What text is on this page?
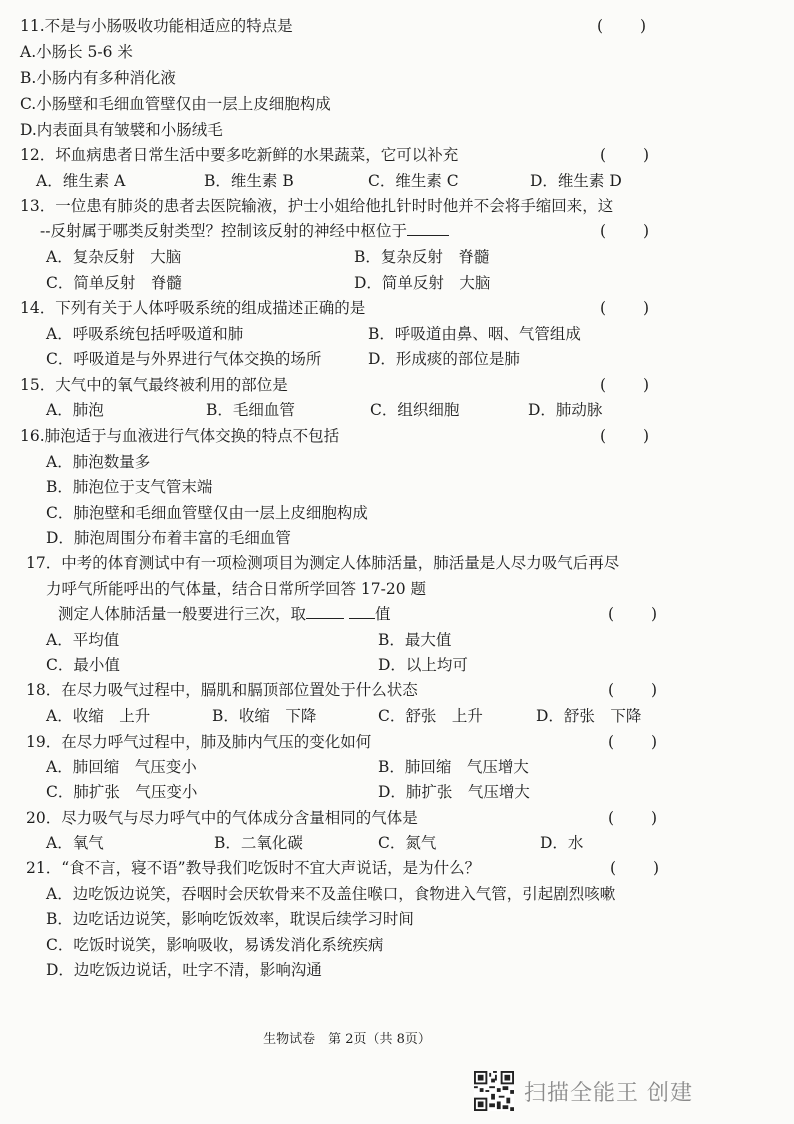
11.不是与小肠吸收功能相适应的特点是	(　　)
A.小肠长 5-6 米
B.小肠内有多种消化液
C.小肠壁和毛细血管壁仅由一层上皮细胞构成
D.内表面具有皱襞和小肠绒毛
12．坏血病患者日常生活中要多吃新鲜的水果蔬菜，它可以补充	(　　)
A．维生素 A	B．维生素 B	C．维生素 C	D．维生素 D
13．一位患有肺炎的患者去医院输液，护士小姐给他扎针时时他并不会将手缩回来，这
--反射属于哪类反射类型？控制该反射的神经中枢位于	(　　)
A．复杂反射　大脑	B．复杂反射　脊髓
C．简单反射　脊髓	D．简单反射　大脑
14．下列有关于人体呼吸系统的组成描述正确的是	(　　)
A．呼吸系统包括呼吸道和肺	B．呼吸道由鼻、咽、气管组成
C．呼吸道是与外界进行气体交换的场所	D．形成痰的部位是肺
15．大气中的氧气最终被利用的部位是	(　　)
A．肺泡	B．毛细血管	C．组织细胞	D．肺动脉
16.肺泡适于与血液进行气体交换的特点不包括	(　　)
A．肺泡数量多
B．肺泡位于支气管末端
C．肺泡壁和毛细血管壁仅由一层上皮细胞构成
D．肺泡周围分布着丰富的毛细血管
17．中考的体育测试中有一项检测项目为测定人体肺活量，肺活量是人尽力吸气后再尽
力呼气所能呼出的气体量，结合日常所学回答 17-20 题
测定人体肺活量一般要进行三次，取	值	(　　)
A．平均值	B．最大值
C．最小值	D．以上均可
18．在尽力吸气过程中，膈肌和膈顶部位置处于什么状态	(　　)
A．收缩　上升	B．收缩　下降	C．舒张　上升	D．舒张　下降
19．在尽力呼气过程中，肺及肺内气压的变化如何	(　　)
A．肺回缩　气压变小	B．肺回缩　气压增大
C．肺扩张　气压变小	D．肺扩张　气压增大
20．尽力吸气与尽力呼气中的气体成分含量相同的气体是	(　　)
A．氧气	B．二氧化碳	C．氮气	D．水
21．“食不言，寝不语”教导我们吃饭时不宜大声说话，是为什么？	(　　)
A．边吃饭边说笑，吞咽时会厌软骨来不及盖住喉口，食物进入气管，引起剧烈咳嗽
B．边吃话边说笑，影响吃饭效率，耽误后续学习时间
C．吃饭时说笑，影响吸收，易诱发消化系统疾病
D．边吃饭边说话，吐字不清，影响沟通
生物试卷　第 2页（共 8页）
扫描全能王 创建
